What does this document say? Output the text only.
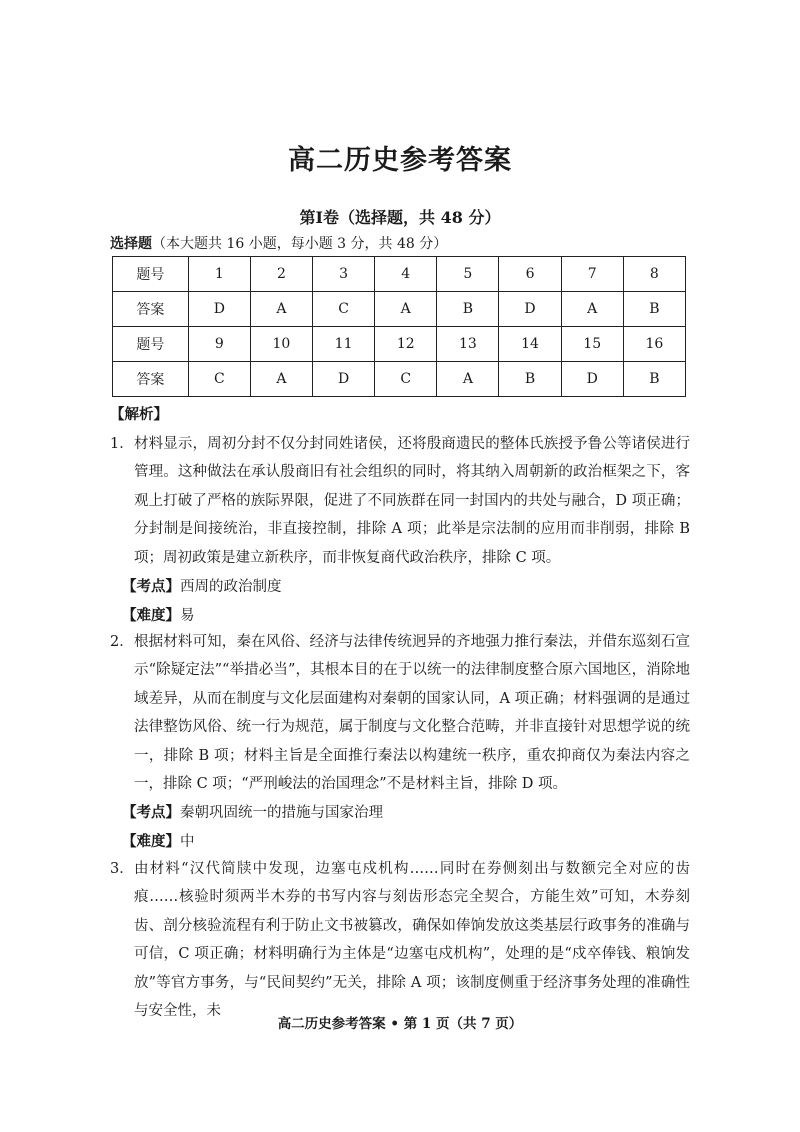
高二历史参考答案
第Ⅰ卷（选择题，共 48 分）
选择题（本大题共 16 小题，每小题 3 分，共 48 分）
题号	1	2	3	4	5	6	7	8
答案	D	A	C	A	B	D	A	B
题号	9	10	11	12	13	14	15	16
答案	C	A	D	C	A	B	D	B
【解析】
1． 材料显示，周初分封不仅分封同姓诸侯，还将殷商遗民的整体氏族授予鲁公等诸侯进行管理。这种做法在承认殷商旧有社会组织的同时，将其纳入周朝新的政治框架之下，客观上打破了严格的族际界限，促进了不同族群在同一封国内的共处与融合，D 项正确；分封制是间接统治，非直接控制，排除 A 项；此举是宗法制的应用而非削弱，排除 B 项；周初政策是建立新秩序，而非恢复商代政治秩序，排除 C 项。
【考点】西周的政治制度
【难度】易
2． 根据材料可知，秦在风俗、经济与法律传统迥异的齐地强力推行秦法，并借东巡刻石宣示“除疑定法”“举措必当”，其根本目的在于以统一的法律制度整合原六国地区，消除地域差异，从而在制度与文化层面建构对秦朝的国家认同，A 项正确；材料强调的是通过法律整饬风俗、统一行为规范，属于制度与文化整合范畴，并非直接针对思想学说的统一，排除 B 项；材料主旨是全面推行秦法以构建统一秩序，重农抑商仅为秦法内容之一，排除 C 项；“严刑峻法的治国理念”不是材料主旨，排除 D 项。
【考点】秦朝巩固统一的措施与国家治理
【难度】中
3． 由材料“汉代简牍中发现，边塞屯戍机构……同时在券侧刻出与数额完全对应的齿痕……核验时须两半木券的书写内容与刻齿形态完全契合，方能生效”可知，木券刻齿、剖分核验流程有利于防止文书被篡改，确保如俸饷发放这类基层行政事务的准确与可信，C 项正确；材料明确行为主体是“边塞屯戍机构”，处理的是“戍卒俸钱、粮饷发放”等官方事务，与“民间契约”无关，排除 A 项；该制度侧重于经济事务处理的准确性与安全性，未
高二历史参考答案 • 第 1 页（共 7 页）
